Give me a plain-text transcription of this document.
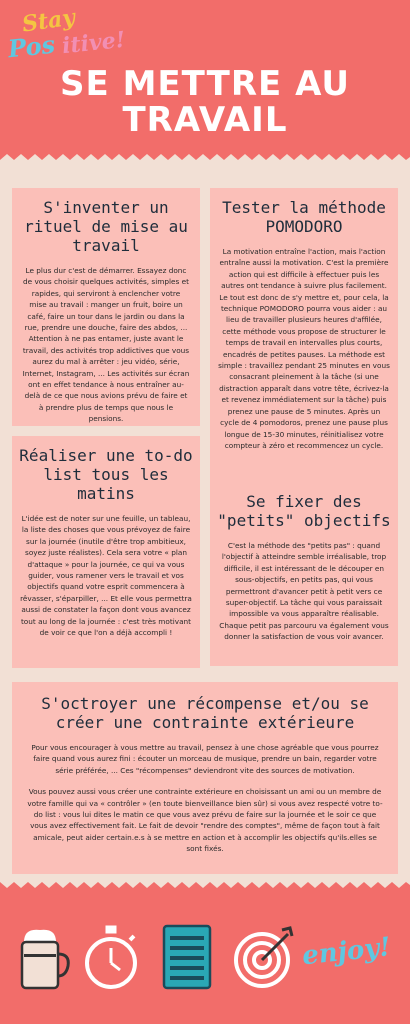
Stay
Pos itive!
SE METTRE AU
TRAVAIL
S'inventer un rituel de mise au travail

Le plus dur c'est de démarrer. Essayez donc de vous choisir quelques activités, simples et rapides, qui serviront à enclencher votre mise au travail : manger un fruit, boire un café, faire un tour dans le jardin ou dans la rue, prendre une douche, faire des abdos, ... Attention à ne pas entamer, juste avant le travail, des activités trop addictives que vous aurez du mal à arrêter : jeu vidéo, série, Internet, Instagram, ... Les activités sur écran ont en effet tendance à nous entraîner au-delà de ce que nous avions prévu de faire et à prendre plus de temps que nous le pensions.

Tester la méthode POMODORO

La motivation entraîne l'action, mais l'action entraîne aussi la motivation. C'est la première action qui est difficile à effectuer puis les autres ont tendance à suivre plus facilement. Le tout est donc de s'y mettre et, pour cela, la technique POMODORO pourra vous aider : au lieu de travailler plusieurs heures d'affilée, cette méthode vous propose de structurer le temps de travail en intervalles plus courts, encadrés de petites pauses. La méthode est simple : travaillez pendant 25 minutes en vous consacrant pleinement à la tâche (si une distraction apparaît dans votre tête, écrivez-la et revenez immédiatement sur la tâche) puis prenez une pause de 5 minutes. Après un cycle de 4 pomodoros, prenez une pause plus longue de 15-30 minutes, réinitialisez votre compteur à zéro et recommencez un cycle.

Réaliser une to-do list tous les matins

L'idée est de noter sur une feuille, un tableau, la liste des choses que vous prévoyez de faire sur la journée (inutile d'être trop ambitieux, soyez juste réalistes). Cela sera votre « plan d'attaque » pour la journée, ce qui va vous guider, vous ramener vers le travail et vos objectifs quand votre esprit commencera à rêvasser, s'éparpiller, ... Et elle vous permettra aussi de constater la façon dont vous avancez tout au long de la journée : c'est très motivant de voir ce que l'on a déjà accompli !

Se fixer des "petits" objectifs

C'est la méthode des "petits pas" : quand l'objectif à atteindre semble irréalisable, trop difficile, il est intéressant de le découper en sous-objectifs, en petits pas, qui vous permettront d'avancer petit à petit vers ce super-objectif. La tâche qui vous paraissait impossible va vous apparaître réalisable. Chaque petit pas parcouru va également vous donner la satisfaction de vous voir avancer.

S'octroyer une récompense et/ou se créer une contrainte extérieure

Pour vous encourager à vous mettre au travail, pensez à une chose agréable que vous pourrez faire quand vous aurez fini : écouter un morceau de musique, prendre un bain, regarder votre série préférée, ... Ces "récompenses" deviendront vite des sources de motivation.

Vous pouvez aussi vous créer une contrainte extérieure en choisissant un ami ou un membre de votre famille qui va « contrôler » (en toute bienveillance bien sûr) si vous avez respecté votre to-do list : vous lui dites le matin ce que vous avez prévu de faire sur la journée et le soir ce que vous avez effectivement fait. Le fait de devoir "rendre des comptes", même de façon tout à fait amicale, peut aider certain.e.s à se mettre en action et à accomplir les objectifs qu'ils.elles se sont fixés.

enjoy!
